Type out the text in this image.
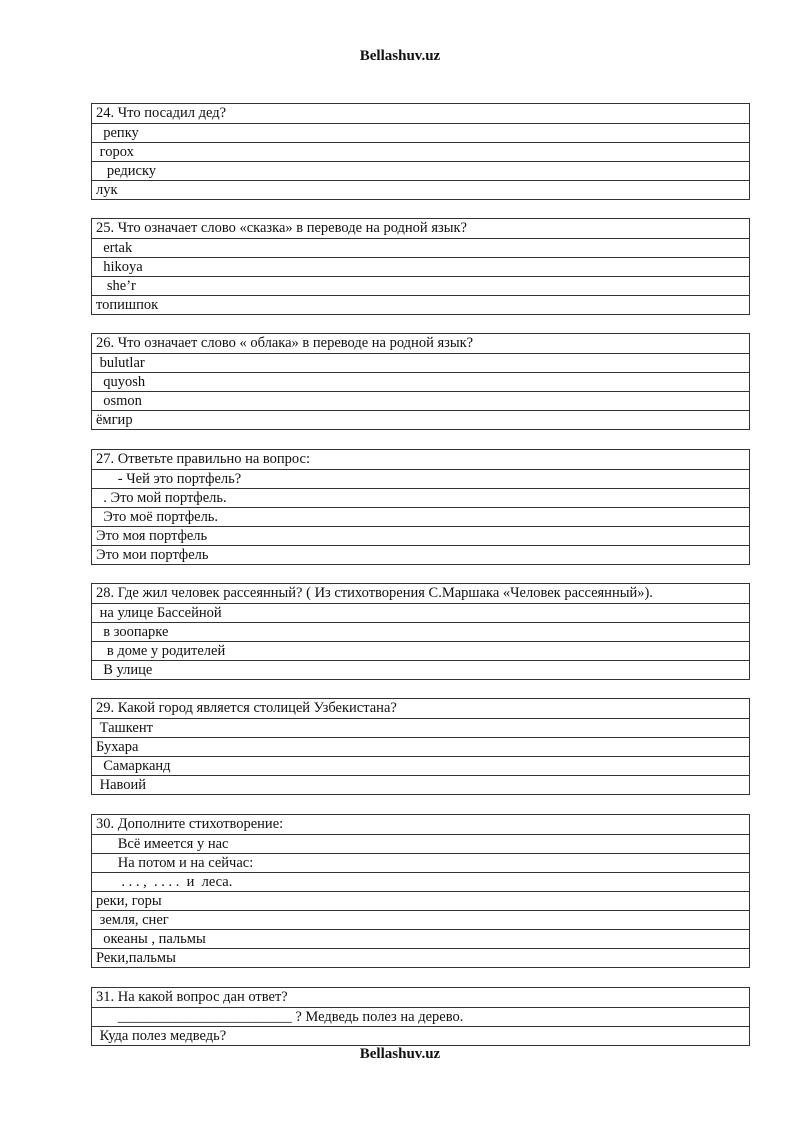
Bellashuv.uz
24. Что посадил дед?
репку
горох
редиску
лук
25. Что означает слово «сказка» в переводе на родной язык?
ertak
hikoya
she’r
топишпок
26. Что означает слово « облака» в переводе на родной язык?
bulutlar
quyosh
osmon
ёмгир
27. Ответьте правильно на вопрос:
- Чей это портфель?
. Это мой портфель.
Это моё портфель.
Это моя портфель
Это мои портфель
28. Где жил человек рассеянный? ( Из стихотворения С.Маршака «Человек рассеянный»).
на улице Бассейной
в зоопарке
в доме у родителей
В улице
29. Какой город является столицей Узбекистана?
Ташкент
Бухара
Самарканд
Навоий
30. Дополните стихотворение:
Всё имеется у нас
На потом и на сейчас:
. . . ,  . . . .  и  леса.
реки, горы
земля, снег
океаны , пальмы
Реки,пальмы
31. На какой вопрос дан ответ?
________________________ ? Медведь полез на дерево.
Куда полез медведь?
Bellashuv.uz
